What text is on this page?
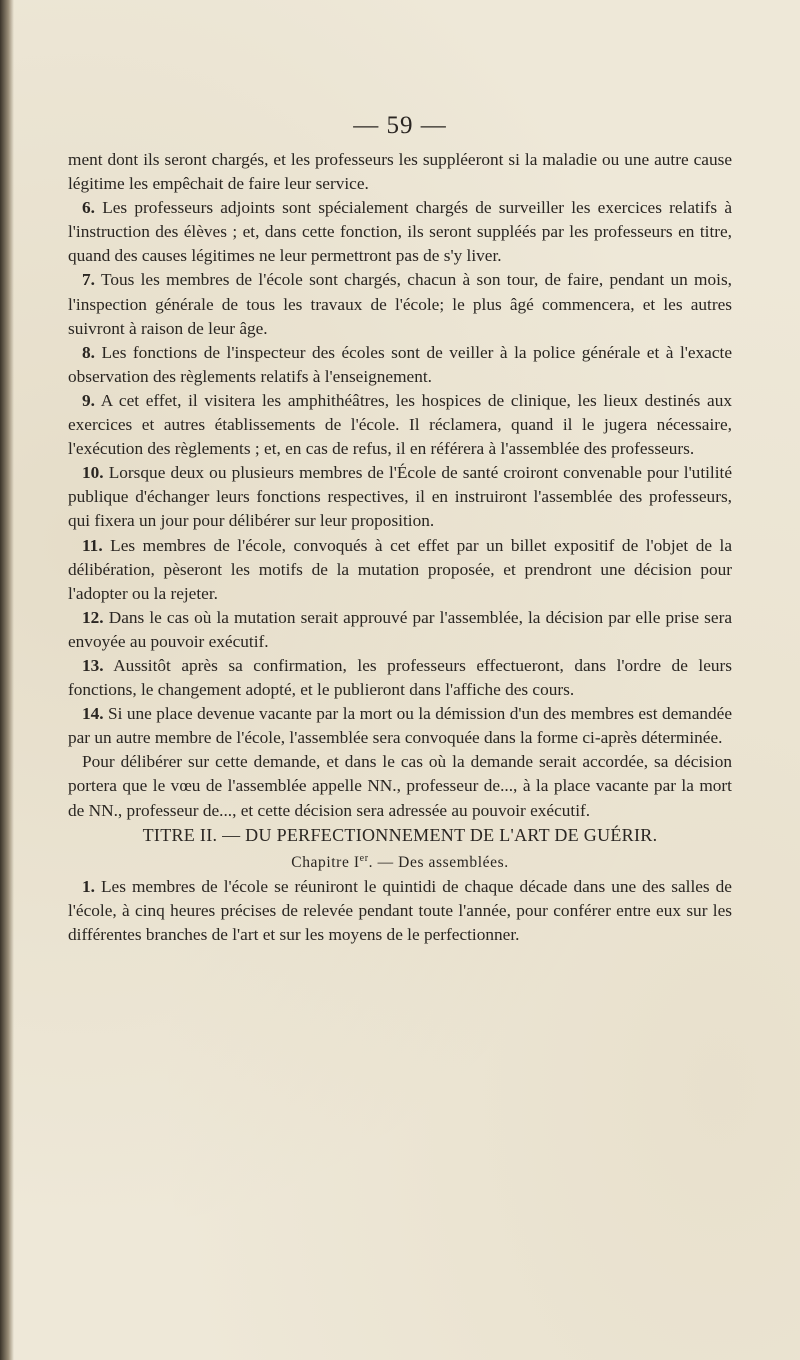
— 59 —

ment dont ils seront chargés, et les professeurs les suppléeront si la maladie ou une autre cause légitime les empêchait de faire leur service.

6. Les professeurs adjoints sont spécialement chargés de surveiller les exercices relatifs à l'instruction des élèves ; et, dans cette fonction, ils seront suppléés par les professeurs en titre, quand des causes légitimes ne leur permettront pas de s'y liver.

7. Tous les membres de l'école sont chargés, chacun à son tour, de faire, pendant un mois, l'inspection générale de tous les travaux de l'école; le plus âgé commencera, et les autres suivront à raison de leur âge.

8. Les fonctions de l'inspecteur des écoles sont de veiller à la police générale et à l'exacte observation des règlements relatifs à l'enseignement.

9. A cet effet, il visitera les amphithéâtres, les hospices de clinique, les lieux destinés aux exercices et autres établissements de l'école. Il réclamera, quand il le jugera nécessaire, l'exécution des règlements ; et, en cas de refus, il en référera à l'assemblée des professeurs.

10. Lorsque deux ou plusieurs membres de l'École de santé croiront convenable pour l'utilité publique d'échanger leurs fonctions respectives, il en instruiront l'assemblée des professeurs, qui fixera un jour pour délibérer sur leur proposition.

11. Les membres de l'école, convoqués à cet effet par un billet expositif de l'objet de la délibération, pèseront les motifs de la mutation proposée, et prendront une décision pour l'adopter ou la rejeter.

12. Dans le cas où la mutation serait approuvé par l'assemblée, la décision par elle prise sera envoyée au pouvoir exécutif.

13. Aussitôt après sa confirmation, les professeurs effectueront, dans l'ordre de leurs fonctions, le changement adopté, et le publieront dans l'affiche des cours.

14. Si une place devenue vacante par la mort ou la démission d'un des membres est demandée par un autre membre de l'école, l'assemblée sera convoquée dans la forme ci-après déterminée.

Pour délibérer sur cette demande, et dans le cas où la demande serait accordée, sa décision portera que le vœu de l'assemblée appelle NN., professeur de..., à la place vacante par la mort de NN., professeur de..., et cette décision sera adressée au pouvoir exécutif.

TITRE II. — DU PERFECTIONNEMENT DE L'ART DE GUÉRIR.

Chapitre Ier. — Des assemblées.

1. Les membres de l'école se réuniront le quintidi de chaque décade dans une des salles de l'école, à cinq heures précises de relevée pendant toute l'année, pour conférer entre eux sur les différentes branches de l'art et sur les moyens de le perfectionner.
